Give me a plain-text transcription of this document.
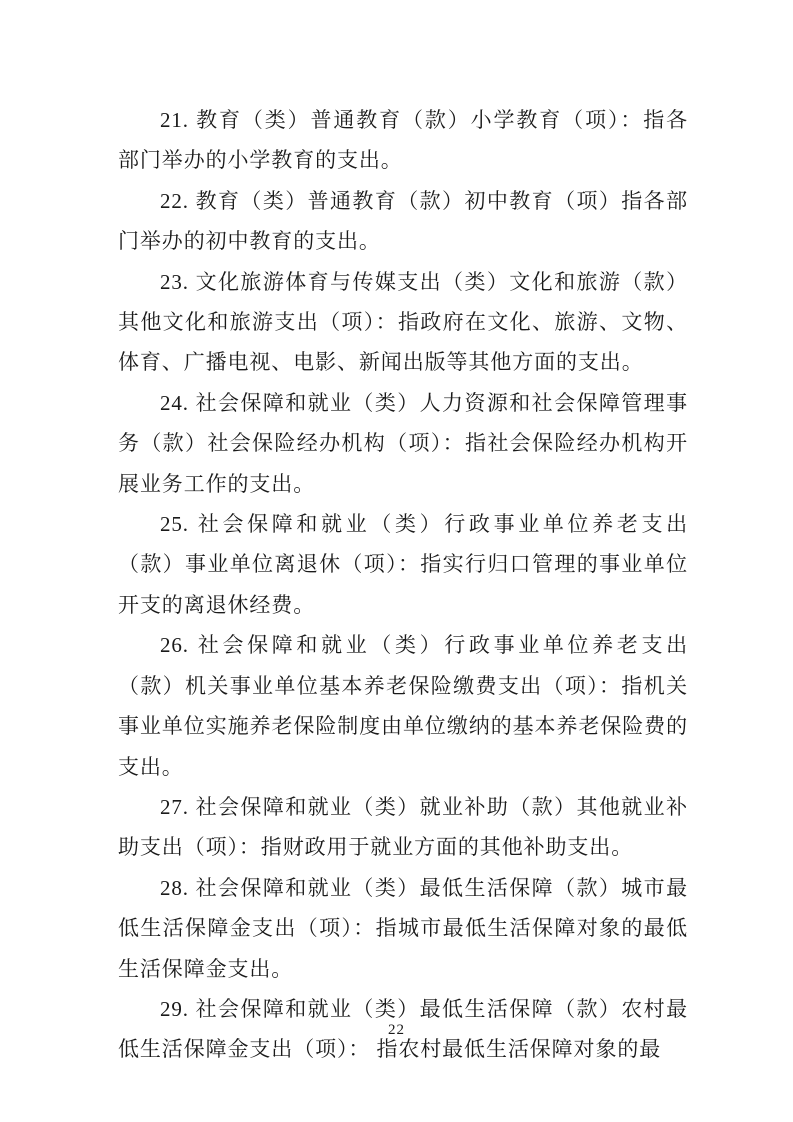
21. 教育（类）普通教育（款）小学教育（项）：指各部门举办的小学教育的支出。

22. 教育（类）普通教育（款）初中教育（项）指各部门举办的初中教育的支出。

23. 文化旅游体育与传媒支出（类）文化和旅游（款）其他文化和旅游支出（项）：指政府在文化、旅游、文物、体育、广播电视、电影、新闻出版等其他方面的支出。

24. 社会保障和就业（类）人力资源和社会保障管理事务（款）社会保险经办机构（项）：指社会保险经办机构开展业务工作的支出。

25. 社会保障和就业（类）行政事业单位养老支出（款）事业单位离退休（项）：指实行归口管理的事业单位开支的离退休经费。

26. 社会保障和就业（类）行政事业单位养老支出（款）机关事业单位基本养老保险缴费支出（项）：指机关事业单位实施养老保险制度由单位缴纳的基本养老保险费的支出。

27. 社会保障和就业（类）就业补助（款）其他就业补助支出（项）：指财政用于就业方面的其他补助支出。

28. 社会保障和就业（类）最低生活保障（款）城市最低生活保障金支出（项）：指城市最低生活保障对象的最低生活保障金支出。

29. 社会保障和就业（类）最低生活保障（款）农村最低生活保障金支出（项）： 指农村最低生活保障对象的最

22
